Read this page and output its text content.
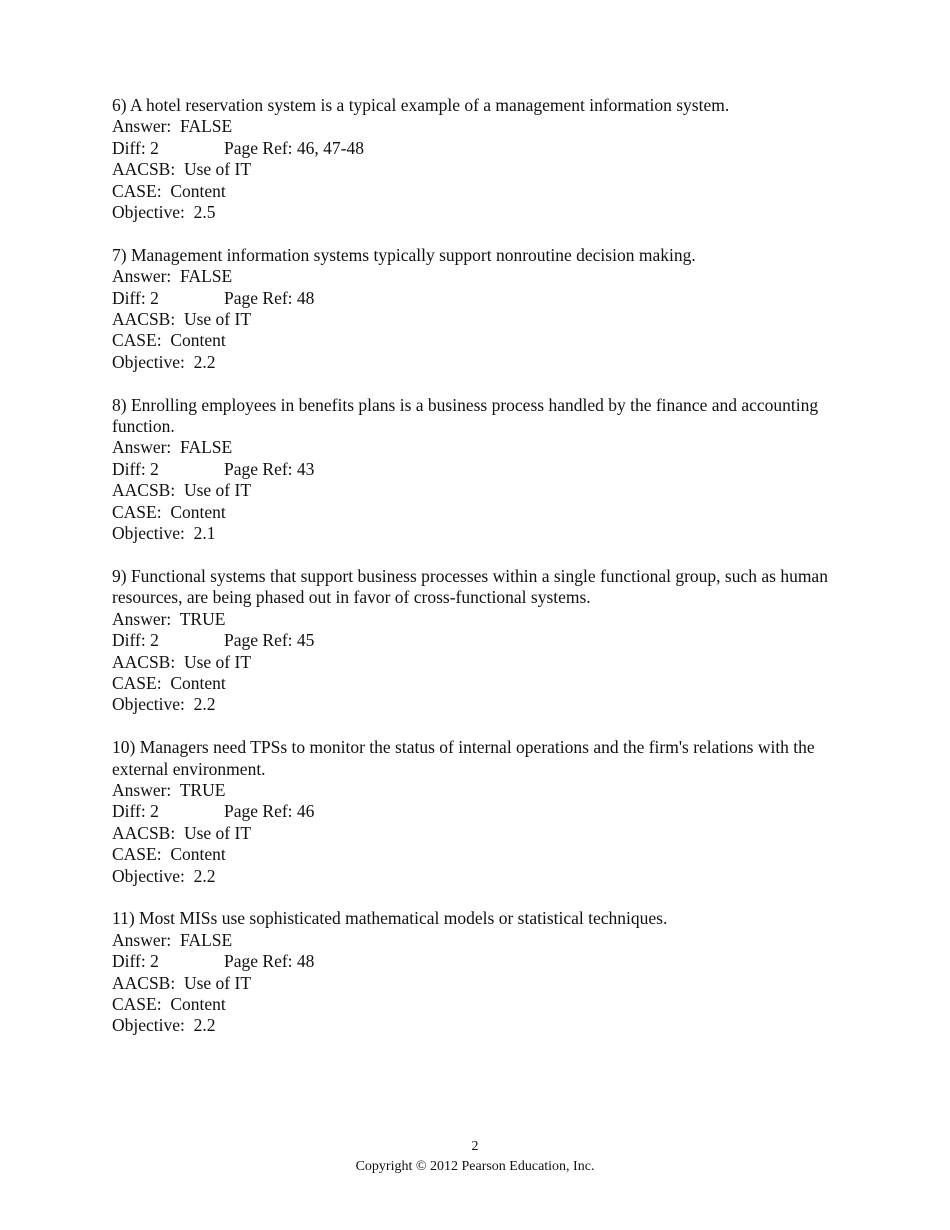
6) A hotel reservation system is a typical example of a management information system.
Answer:  FALSE
Diff: 2	Page Ref: 46, 47-48
AACSB:  Use of IT
CASE:  Content
Objective:  2.5
7) Management information systems typically support nonroutine decision making.
Answer:  FALSE
Diff: 2	Page Ref: 48
AACSB:  Use of IT
CASE:  Content
Objective:  2.2
8) Enrolling employees in benefits plans is a business process handled by the finance and accounting function.
Answer:  FALSE
Diff: 2	Page Ref: 43
AACSB:  Use of IT
CASE:  Content
Objective:  2.1
9) Functional systems that support business processes within a single functional group, such as human resources, are being phased out in favor of cross-functional systems.
Answer:  TRUE
Diff: 2	Page Ref: 45
AACSB:  Use of IT
CASE:  Content
Objective:  2.2
10) Managers need TPSs to monitor the status of internal operations and the firm's relations with the external environment.
Answer:  TRUE
Diff: 2	Page Ref: 46
AACSB:  Use of IT
CASE:  Content
Objective:  2.2
11) Most MISs use sophisticated mathematical models or statistical techniques.
Answer:  FALSE
Diff: 2	Page Ref: 48
AACSB:  Use of IT
CASE:  Content
Objective:  2.2
2
Copyright © 2012 Pearson Education, Inc.
